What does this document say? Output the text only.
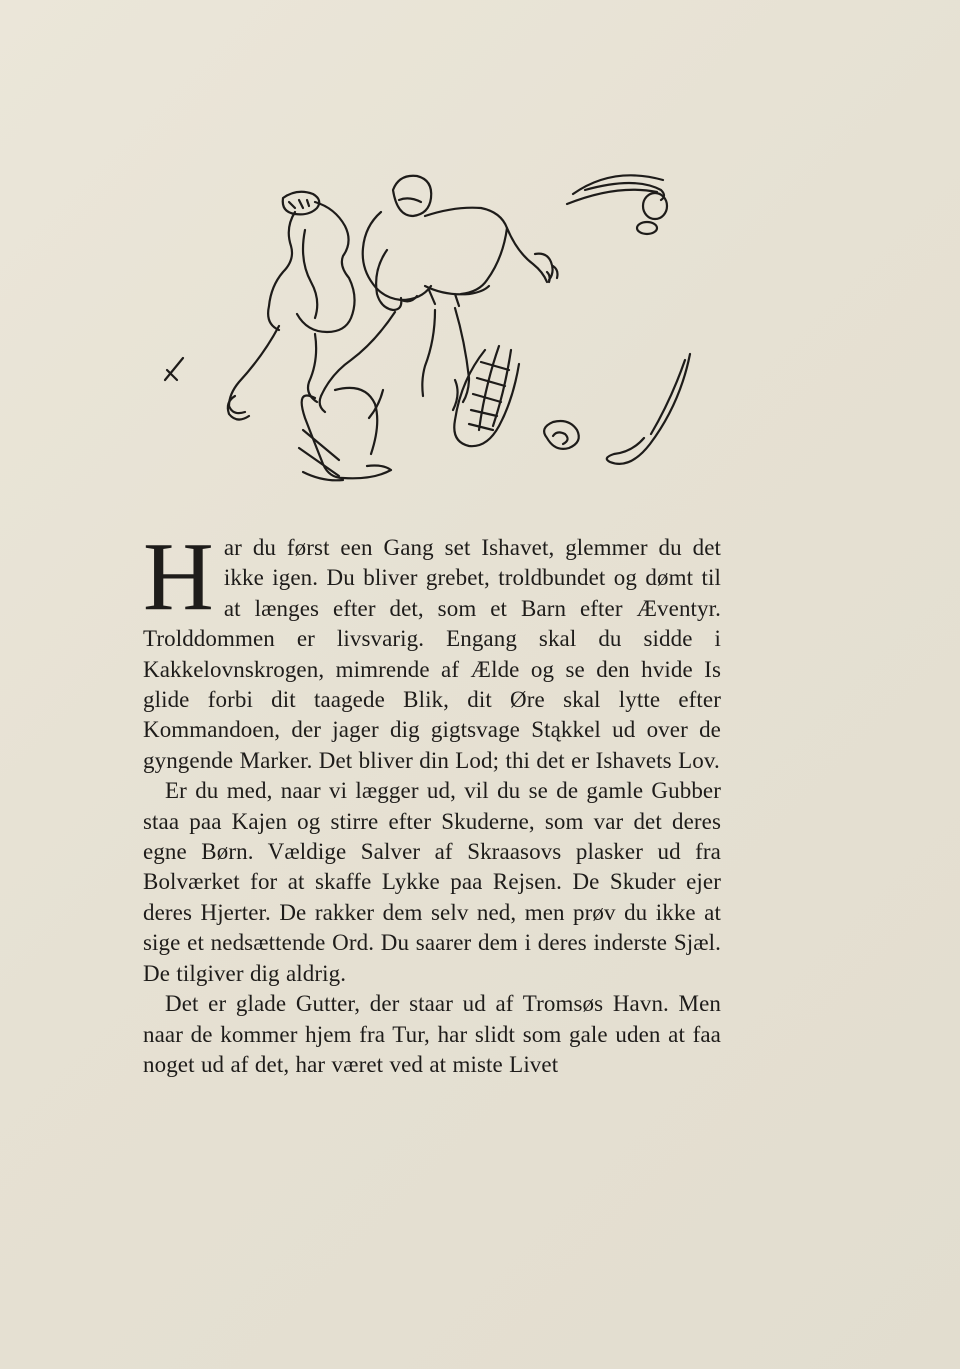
Har du først een Gang set Ishavet, glemmer du det ikke igen. Du bliver grebet, troldbundet og dømt til at længes efter det, som et Barn efter Æventyr. Trolddommen er livsvarig. Engang skal du sidde i Kakkelovnskrogen, mimrende af Ælde og se den hvide Is glide forbi dit taagede Blik, dit Øre skal lytte efter Kommandoen, der jager dig gigtsvage Stąkkel ud over de gyngende Marker. Det bliver din Lod; thi det er Ishavets Lov.

Er du med, naar vi lægger ud, vil du se de gamle Gubber staa paa Kajen og stirre efter Skuderne, som var det deres egne Børn. Vældige Salver af Skraasovs plasker ud fra Bolværket for at skaffe Lykke paa Rejsen. De Skuder ejer deres Hjerter. De rakker dem selv ned, men prøv du ikke at sige et nedsættende Ord. Du saarer dem i deres inderste Sjæl. De tilgiver dig aldrig.

Det er glade Gutter, der staar ud af Tromsøs Havn. Men naar de kommer hjem fra Tur, har slidt som gale uden at faa noget ud af det, har været ved at miste Livet
